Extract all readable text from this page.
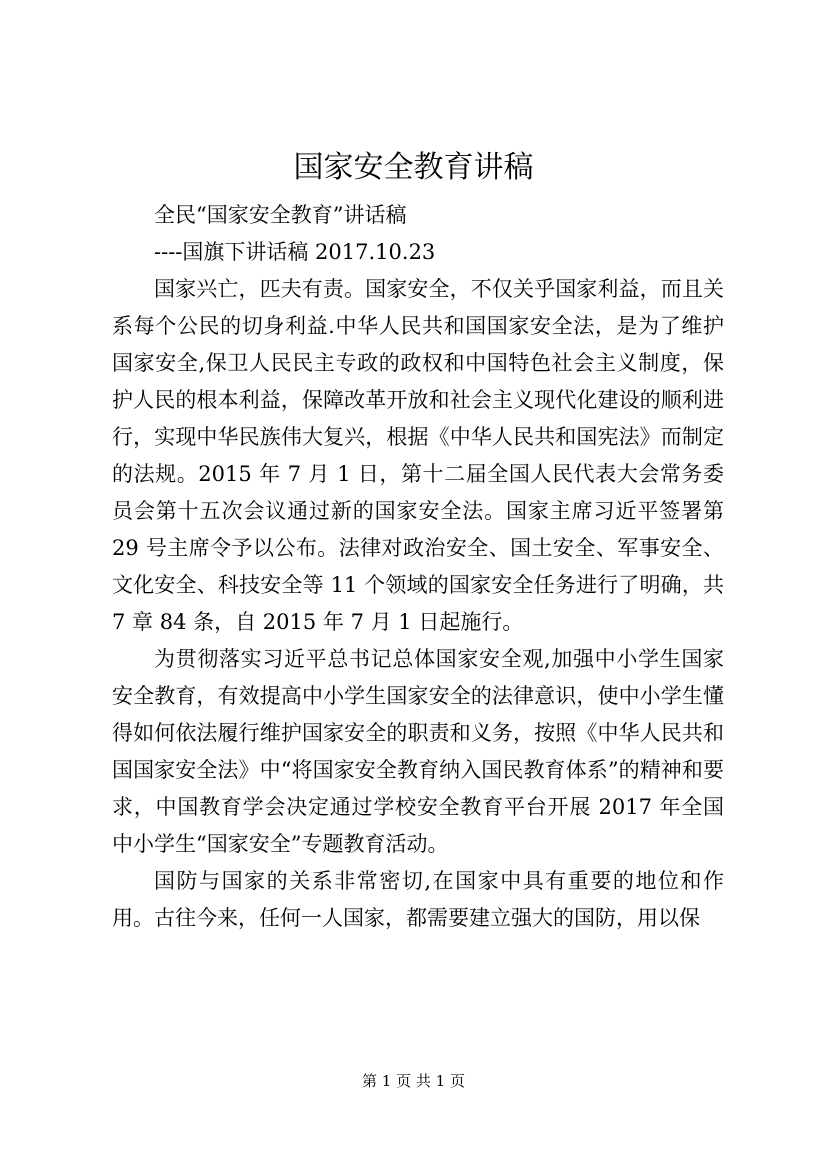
国家安全教育讲稿
全民“国家安全教育”讲话稿
----国旗下讲话稿 2017.10.23

国家兴亡，匹夫有责。国家安全，不仅关乎国家利益，而且关系每个公民的切身利益.中华人民共和国国家安全法，是为了维护国家安全,保卫人民民主专政的政权和中国特色社会主义制度，保护人民的根本利益，保障改革开放和社会主义现代化建设的顺利进行，实现中华民族伟大复兴，根据《中华人民共和国宪法》而制定的法规。2015 年 7 月 1 日，第十二届全国人民代表大会常务委员会第十五次会议通过新的国家安全法。国家主席习近平签署第 29 号主席令予以公布。法律对政治安全、国土安全、军事安全、文化安全、科技安全等 11 个领域的国家安全任务进行了明确，共 7 章 84 条，自 2015 年 7 月 1 日起施行。

为贯彻落实习近平总书记总体国家安全观,加强中小学生国家安全教育，有效提高中小学生国家安全的法律意识，使中小学生懂得如何依法履行维护国家安全的职责和义务，按照《中华人民共和国国家安全法》中“将国家安全教育纳入国民教育体系”的精神和要求，中国教育学会决定通过学校安全教育平台开展 2017 年全国中小学生“国家安全”专题教育活动。

国防与国家的关系非常密切,在国家中具有重要的地位和作用。古往今来，任何一人国家，都需要建立强大的国防，用以保

第 1 页 共 1 页
